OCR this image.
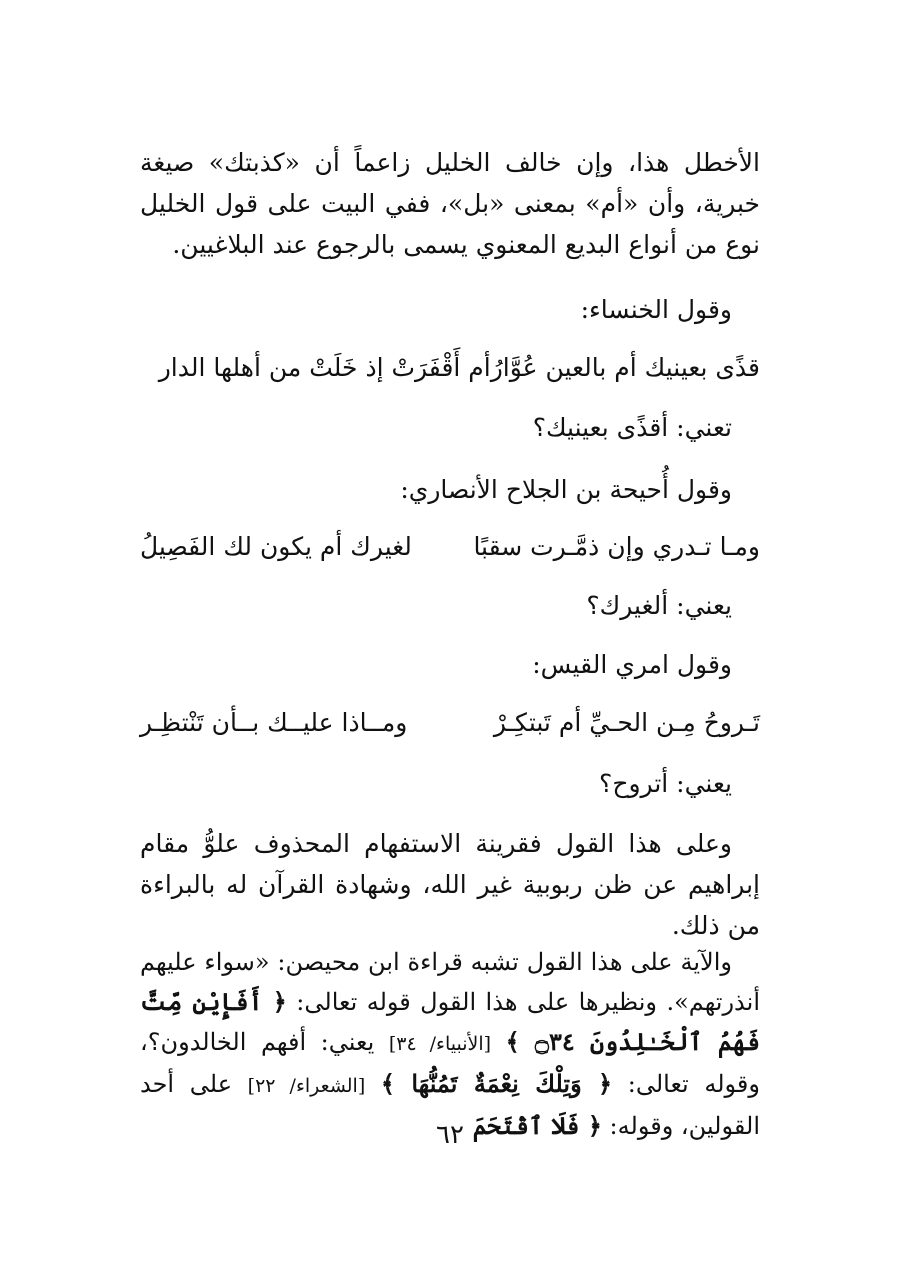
الأخطل هذا، وإن خالف الخليل زاعماً أن «كذبتك» صيغة خبرية، وأن «أم» بمعنى «بل»، ففي البيت على قول الخليل نوع من أنواع البديع المعنوي يسمى بالرجوع عند البلاغيين.

وقول الخنساء:
قذًى بعينيك أم بالعين عُوَّارُ
أم أَقْفَرَتْ إذ خَلَتْ من أهلها الدار
تعني: أقذًى بعينيك؟
وقول أُحيحة بن الجلاح الأنصاري:
ومـا تـدري وإن ذمَّـرت سقبًا
لغيرك أم يكون لك الفَصِيلُ
يعني: ألغيرك؟
وقول امري القيس:
تَـروحُ مِـن الحـيِّ أم تَبتكِـرْ
ومــاذا عليــك بــأن تَنْتظِـر
يعني: أتروح؟

وعلى هذا القول فقرينة الاستفهام المحذوف علوُّ مقام إبراهيم عن ظن ربوبية غير الله، وشهادة القرآن له بالبراءة من ذلك.

والآية على هذا القول تشبه قراءة ابن محيصن: «سواء عليهم أنذرتهم». ونظيرها على هذا القول قوله تعالى: ﴿ أَفَإِيْن مِّتَّ فَهُمُ ٱلْخَـٰلِدُونَ ۝٣٤ ﴾ [الأنبياء/ ٣٤] يعني: أفهم الخالدون؟، وقوله تعالى: ﴿ وَتِلْكَ نِعْمَةٌ تَمُنُّهَا ﴾ [الشعراء/ ٢٢] على أحد القولين، وقوله: ﴿ فَلَا ٱقْتَحَمَ

٦٢
